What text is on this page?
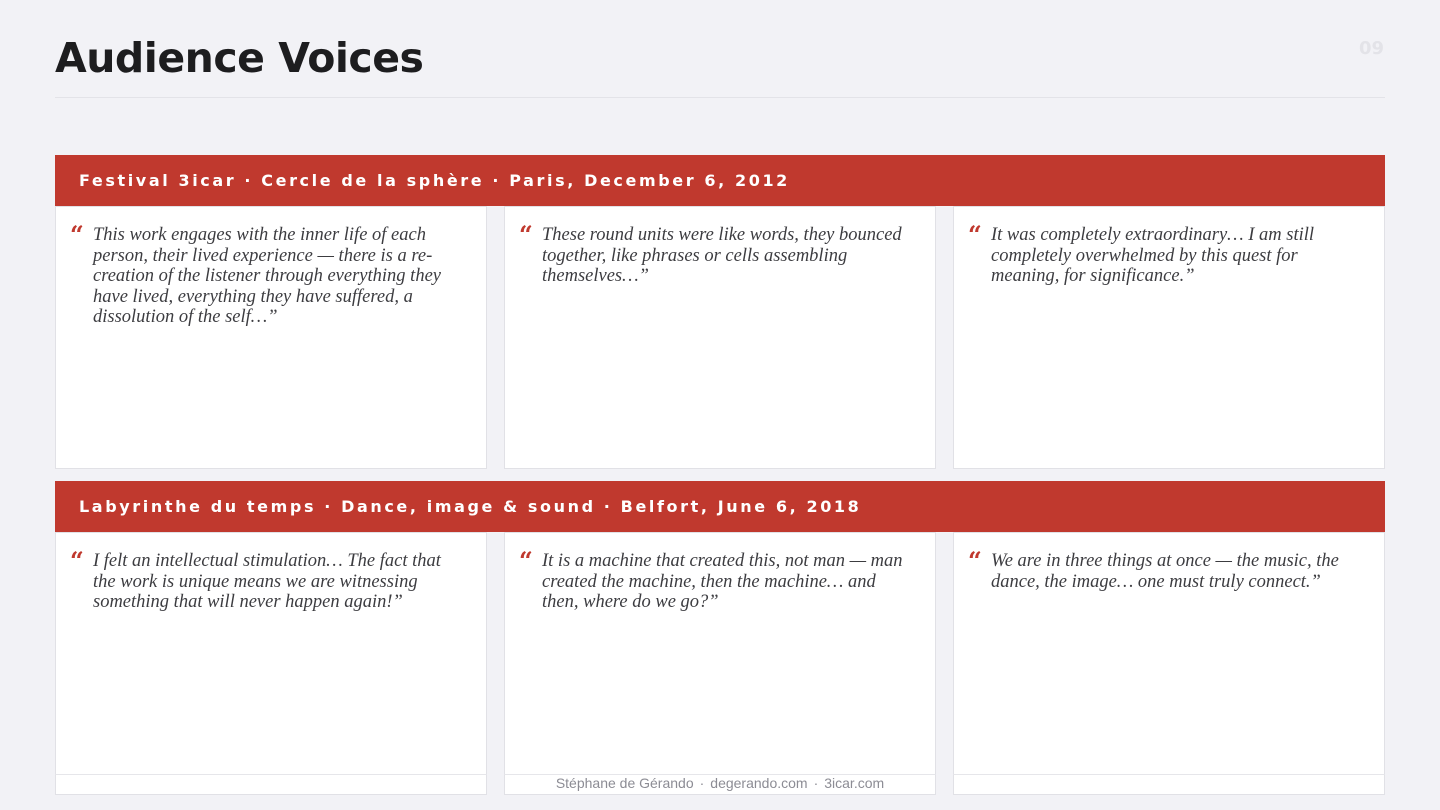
Audience Voices	09
Festival 3icar · Cercle de la sphère · Paris, December 6, 2012
“ This work engages with the inner life of each person, their lived experience — there is a re-creation of the listener through everything they have lived, everything they have suffered, a dissolution of the self…”

“ These round units were like words, they bounced together, like phrases or cells assembling themselves…”

“ It was completely extraordinary… I am still completely overwhelmed by this quest for meaning, for significance.”

Labyrinthe du temps · Dance, image & sound · Belfort, June 6, 2018
“ I felt an intellectual stimulation… The fact that the work is unique means we are witnessing something that will never happen again!”

“ It is a machine that created this, not man — man created the machine, then the machine… and then, where do we go?”

“ We are in three things at once — the music, the dance, the image… one must truly connect.”

Stéphane de Gérando · degerando.com · 3icar.com
